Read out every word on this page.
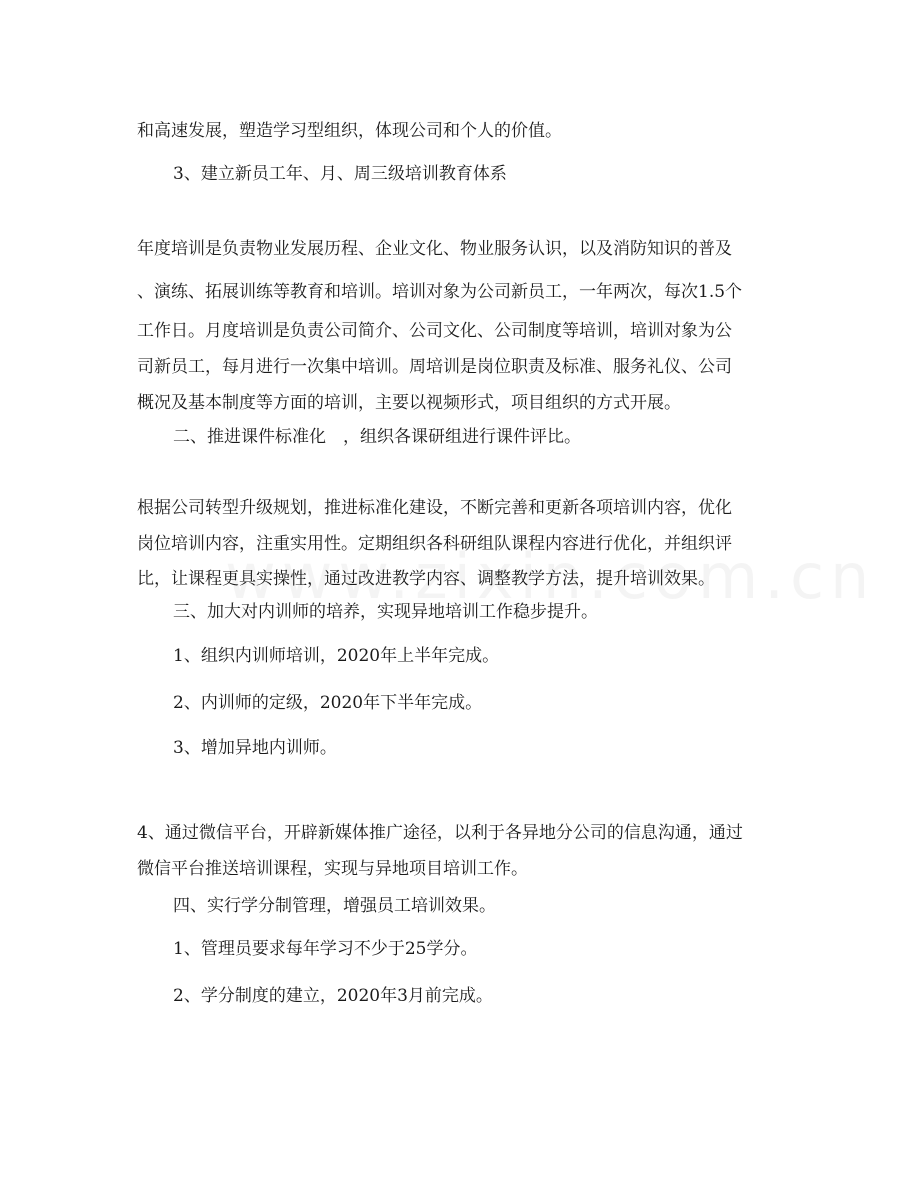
和高速发展，塑造学习型组织，体现公司和个人的价值。
3、建立新员工年、月、周三级培训教育体系
年度培训是负责物业发展历程、企业文化、物业服务认识，以及消防知识的普及
、演练、拓展训练等教育和培训。培训对象为公司新员工，一年两次，每次1.5个
工作日。月度培训是负责公司简介、公司文化、公司制度等培训，培训对象为公
司新员工，每月进行一次集中培训。周培训是岗位职责及标准、服务礼仪、公司
概况及基本制度等方面的培训，主要以视频形式，项目组织的方式开展。
二、推进课件标准化　，组织各课研组进行课件评比。
根据公司转型升级规划，推进标准化建设，不断完善和更新各项培训内容，优化
岗位培训内容，注重实用性。定期组织各科研组队课程内容进行优化，并组织评
比，让课程更具实操性，通过改进教学内容、调整教学方法，提升培训效果。
三、加大对内训师的培养，实现异地培训工作稳步提升。
1、组织内训师培训，2020年上半年完成。
2、内训师的定级，2020年下半年完成。
3、增加异地内训师。
4、通过微信平台，开辟新媒体推广途径，以利于各异地分公司的信息沟通，通过
微信平台推送培训课程，实现与异地项目培训工作。
四、实行学分制管理，增强员工培训效果。
1、管理员要求每年学习不少于25学分。
2、学分制度的建立，2020年3月前完成。
